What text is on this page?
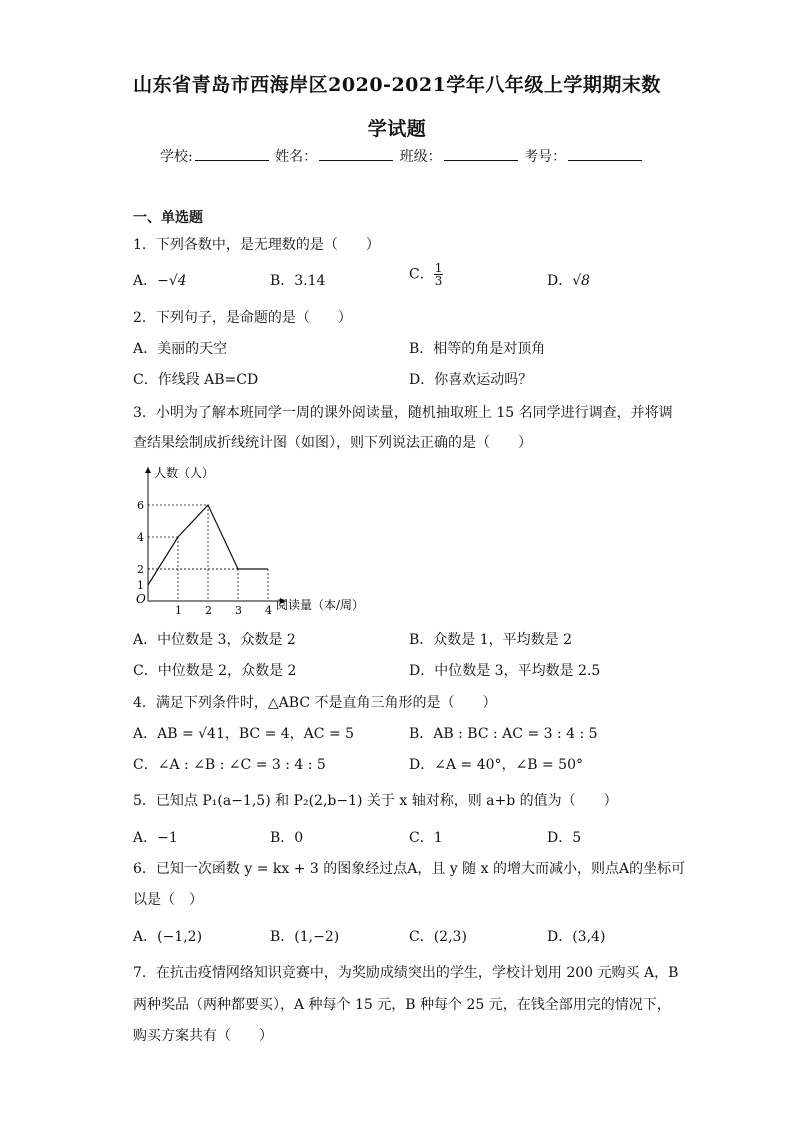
山东省青岛市西海岸区2020-2021学年八年级上学期期末数
学试题
学校:	姓名：	班级：	考号：
一、单选题
1．下列各数中，是无理数的是（　　）
A．−√4	B．3.14	C． $\frac{1}{3}$	D．√8
2．下列句子，是命题的是（　　）
A．美丽的天空	B．相等的角是对顶角
C．作线段 AB=CD	D．你喜欢运动吗？
3．小明为了解本班同学一周的课外阅读量，随机抽取班上 15 名同学进行调查，并将调
查结果绘制成折线统计图（如图），则下列说法正确的是（　　）
人数（人）
阅读量（本/周）
O
1 2 3 4
1
2
4
6
A．中位数是 3，众数是 2	B．众数是 1，平均数是 2
C．中位数是 2，众数是 2	D．中位数是 3，平均数是 2.5
4．满足下列条件时，△ABC 不是直角三角形的是（　　）
A．AB = √41，BC = 4，AC = 5	B．AB : BC : AC = 3 : 4 : 5
C．∠A : ∠B : ∠C = 3 : 4 : 5	D．∠A = 40°，∠B = 50°
5．已知点 P₁(a−1,5) 和 P₂(2,b−1) 关于 x 轴对称，则 a+b 的值为（　　）
A．−1	B．0	C．1	D．5
6．已知一次函数 y = kx + 3 的图象经过点A，且 y 随 x 的增大而减小，则点A的坐标可
以是（　）
A．(−1,2)	B．(1,−2)	C．(2,3)	D．(3,4)
7．在抗击疫情网络知识竞赛中，为奖励成绩突出的学生，学校计划用 200 元购买 A，B
两种奖品（两种都要买），A 种每个 15 元，B 种每个 25 元，在钱全部用完的情况下，
购买方案共有（　　）
